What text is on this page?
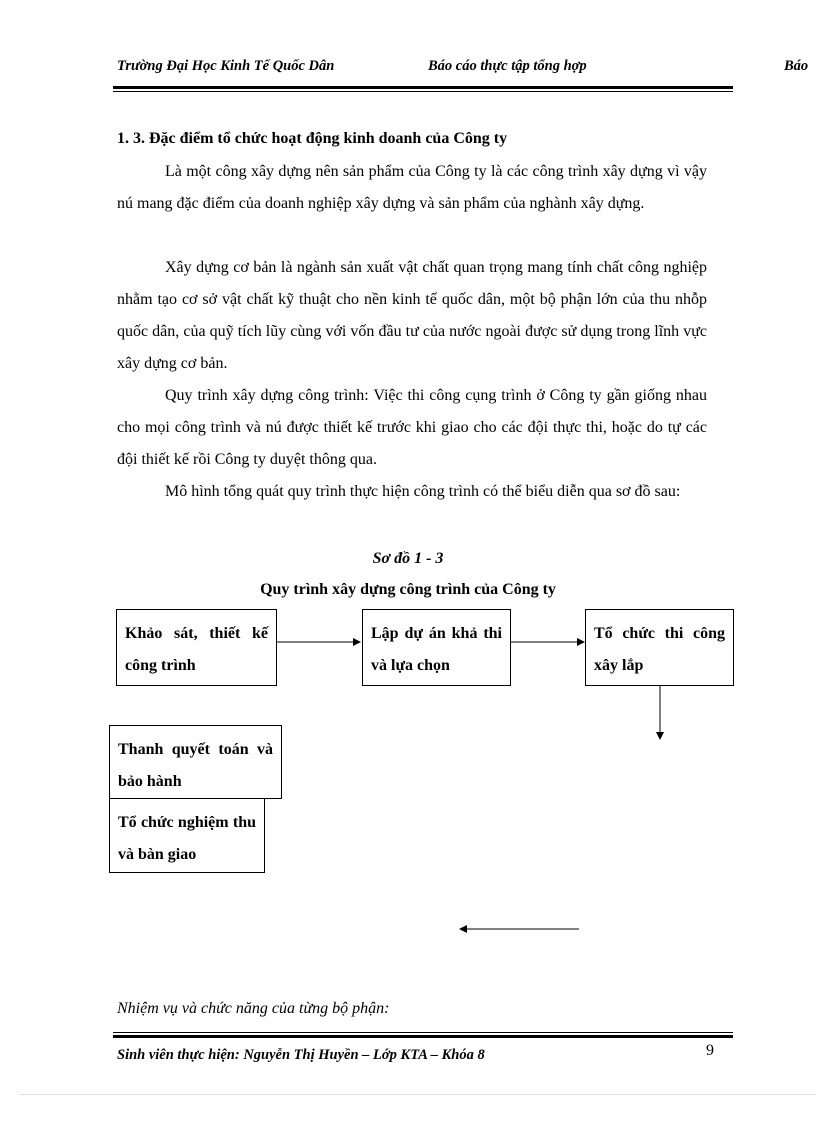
Trường Đại Học Kinh Tế Quốc Dân	Báo cáo thực tập tổng hợp	Báo
1. 3. Đặc điểm tổ chức hoạt động kinh doanh của Công ty

Là một công xây dựng nên sản phẩm của Công ty là các công trình xây dựng vì vậy nú mang đặc điểm của doanh nghiệp xây dựng và sản phẩm của nghành xây dựng.

Xây dựng cơ bản là ngành sản xuất vật chất quan trọng mang tính chất công nghiệp nhằm tạo cơ sở vật chất kỹ thuật cho nền kinh tế quốc dân, một bộ phận lớn của thu nhỗp quốc dân, của quỹ tích lũy cùng với vốn đầu tư của nước ngoài được sử dụng trong lĩnh vực xây dựng cơ bản.

Quy trình xây dựng công trình: Việc thi công cụng trình ở Công ty gần giống nhau cho mọi công trình và nú được thiết kế trước khi giao cho các đội thực thi, hoặc do tự các đội thiết kế rồi Công ty duyệt thông qua.

Mô hình tổng quát quy trình thực hiện công trình có thể biểu diễn qua sơ đồ sau:

Sơ đồ 1 - 3
Quy trình xây dựng công trình của Công ty
Khảo sát, thiết kế công trình
Lập dự án khả thi và lựa chọn
Tổ chức thi công xây lắp
Thanh quyết toán và bảo hành
Tổ chức nghiệm thu và bàn giao
Nhiệm vụ và chức năng của từng bộ phận:
Sinh viên thực hiện: Nguyễn Thị Huyền – Lớp KTA – Khóa 8	9
